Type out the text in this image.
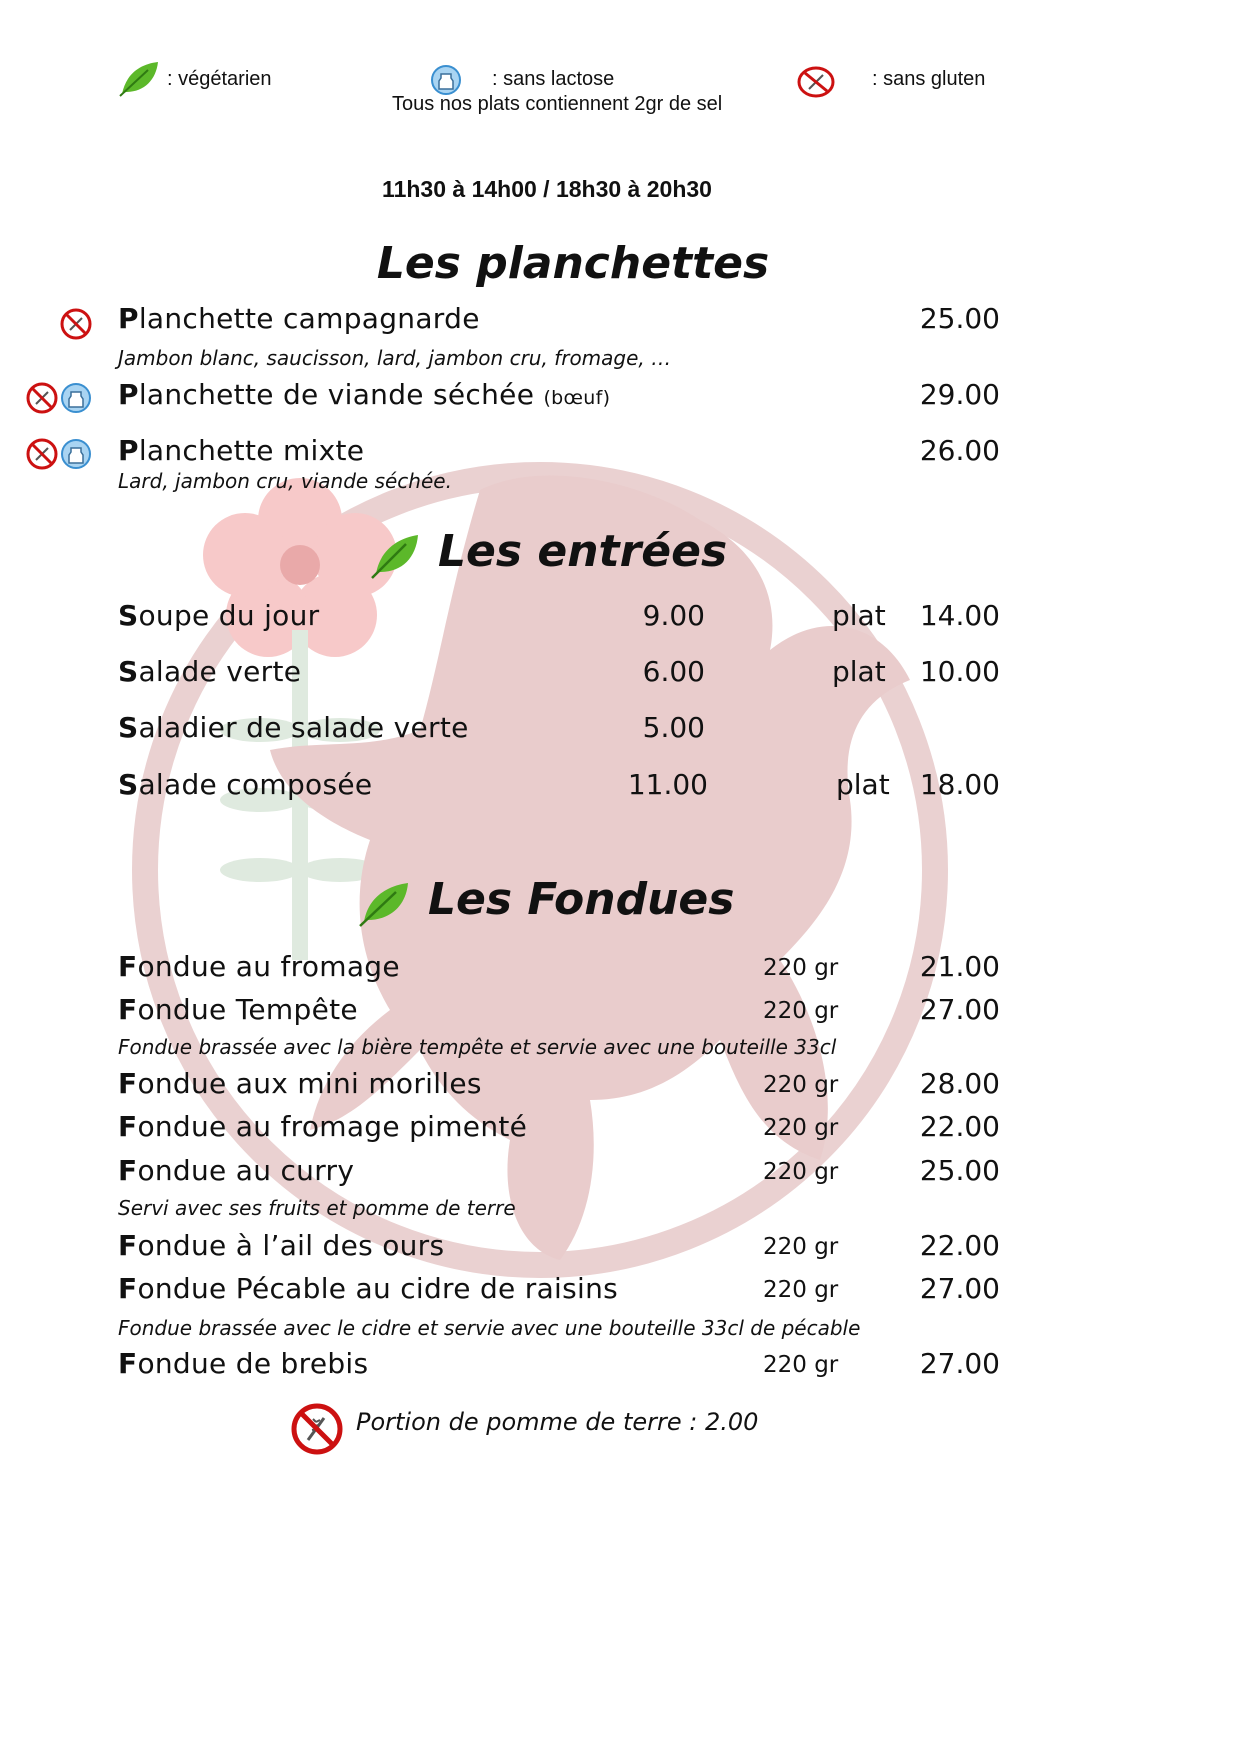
: végétarien	: sans lactose
Tous nos plats contiennent 2gr de sel
: sans gluten
11h30 à 14h00 / 18h30 à 20h30
Les planchettes
Planchette campagnarde	25.00
Jambon blanc, saucisson, lard, jambon cru, fromage, …
Planchette de viande séchée (bœuf)	29.00
Planchette mixte	26.00
Lard, jambon cru, viande séchée.
Les entrées
Soupe du jour	9.00	plat	14.00
Salade verte	6.00	plat	10.00
Saladier de salade verte	5.00
Salade composée	11.00	plat	18.00
Les Fondues
Fondue au fromage	220 gr	21.00
Fondue Tempête	220 gr	27.00
Fondue brassée avec la bière tempête et servie avec une bouteille 33cl
Fondue aux mini morilles	220 gr	28.00
Fondue au fromage pimenté	220 gr	22.00
Fondue au curry	220 gr	25.00
Servi avec ses fruits et pomme de terre
Fondue à l’ail des ours	220 gr	22.00
Fondue Pécable au cidre de raisins	220 gr	27.00
Fondue brassée avec le cidre et servie avec une bouteille 33cl de pécable
Fondue de brebis	220 gr	27.00
Portion de pomme de terre : 2.00
